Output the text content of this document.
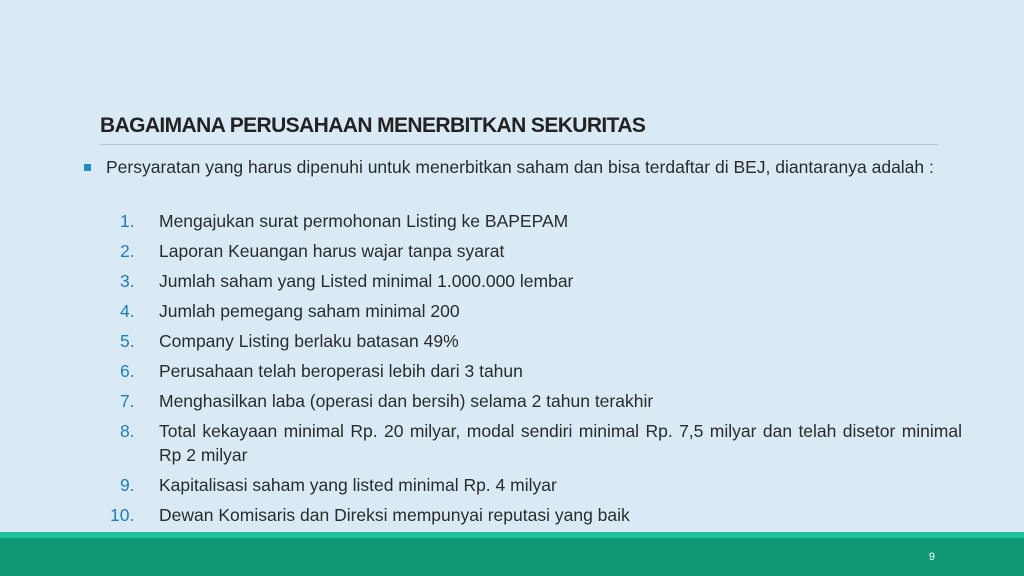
BAGAIMANA PERUSAHAAN MENERBITKAN SEKURITAS
Persyaratan yang harus dipenuhi untuk menerbitkan saham dan bisa terdaftar di BEJ, diantaranya adalah :
1. Mengajukan surat permohonan Listing ke BAPEPAM
2. Laporan Keuangan harus wajar tanpa syarat
3. Jumlah saham yang Listed minimal 1.000.000 lembar
4. Jumlah pemegang saham minimal 200
5. Company Listing berlaku batasan 49%
6. Perusahaan telah beroperasi lebih dari 3 tahun
7. Menghasilkan laba (operasi dan bersih) selama 2 tahun terakhir
8. Total kekayaan minimal Rp. 20 milyar, modal sendiri minimal Rp. 7,5 milyar dan telah disetor minimal Rp 2 milyar
9. Kapitalisasi saham yang listed minimal Rp. 4 milyar
10. Dewan Komisaris dan Direksi mempunyai reputasi yang baik
9
